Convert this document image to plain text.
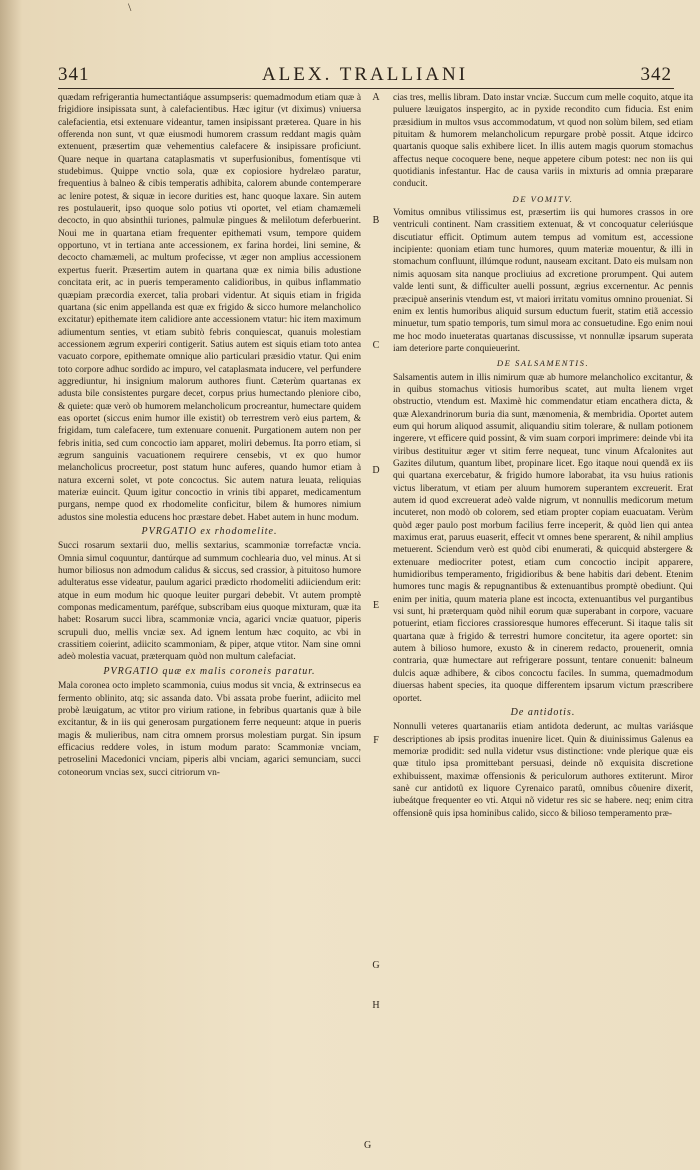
\
341	ALEX. TRALLIANI	342

quædam refrigerantia humectantiáque assumpseris: quemadmodum etiam quæ à frigidiore insipissata sunt, à calefacientibus. Hæc igitur (vt diximus) vniuersa calefacientia, etsi extenuare videantur, tamen insipissant præterea. Quare in his offerenda non sunt, vt quæ eiusmodi humorem crassum reddant magis quàm extenuent, præsertim quæ vehementius calefacere & insipissare proficiunt. Quare neque in quartana cataplasmatis vt superfusionibus, fomentísque vti studebimus. Quippe vnctio sola, quæ ex copiosiore hydrelæo paratur, frequentius à balneo & cibis temperatis adhibita, calorem abunde contemperare ac lenire potest, & siquæ in iecore durities est, hanc quoque laxare. Sin autem res postulauerit, ipso quoque solo potius vti oportet, vel etiam chamæmeli decocto, in quo absinthii turiones, palmulæ pingues & melilotum deferbuerint. Noui me in quartana etiam frequenter epithemati vsum, tempore quidem opportuno, vt in tertiana ante accessionem, ex farina hordei, lini semine, & decocto chamæmeli, ac multum profecisse, vt æger non amplius accessionem expertus fuerit. Præsertim autem in quartana quæ ex nimia bilis adustione concitata erit, ac in pueris temperamento calidioribus, in quibus inflammatio quæpiam præcordia exercet, talia probari videntur. At siquis etiam in frigida quartana (sic enim appellanda est quæ ex frigido & sicco humore melancholico excitatur) epithemate item calidiore ante accessionem vtatur: hic item maximum adiumentum senties, vt etiam subitò febris conquiescat, quanuis molestiam accessionem ægrum experiri contigerit. Satius autem est siquis etiam toto antea vacuato corpore, epithemate omnique alio particulari præsidio vtatur. Qui enim toto corpore adhuc sordido ac impuro, vel cataplasmata inducere, vel perfundere aggrediuntur, hi insignium malorum authores fiunt. Cæterùm quartanas ex adusta bile consistentes purgare decet, corpus prius humectando pleniore cibo, & quiete: quæ verò ob humorem melancholicum procreantur, humectare quidem eas oportet (siccus enim humor ille existit) ob terrestrem verò eius partem, & frigidam, tum calefacere, tum extenuare conuenit. Purgationem autem non per febris initia, sed cum concoctio iam apparet, moliri debemus. Ita porro etiam, si ægrum sanguinis vacuationem requirere censebis, vt ex quo humor melancholicus procreetur, post statum hunc auferes, quando humor etiam à natura excerni solet, vt pote concoctus. Sic autem natura leuata, reliquias materiæ euincit. Quum igitur concoctio in vrinis tibi apparet, medicamentum purgans, nempe quod ex rhodomelite conficitur, bilem & humores nimium adustos sine molestia educens hoc præstare debet. Habet autem in hunc modum.

PVRGATIO ex rhodomelite.

Succi rosarum sextarii duo, mellis sextarius, scammoniæ torrefactæ vncia. Omnia simul coquuntur, dantúrque ad summum cochlearia duo, vel minus. At si humor biliosus non admodum calidus & siccus, sed crassior, à pituitoso humore adulteratus esse videatur, paulum agarici prædicto rhodomeliti adiiciendum erit: atque in eum modum hic quoque leuiter purgari debebit. Vt autem promptè componas medicamentum, paréfque, subscribam eius quoque mixturam, quæ ita habet: Rosarum succi libra, scammoniæ vncia, agarici vnciæ quatuor, piperis scrupuli duo, mellis vnciæ sex. Ad ignem lentum hæc coquito, ac vbi in crassitiem coierint, adiicito scammoniam, & piper, atque vtitor. Nam sine omni adeò molestia vacuat, præterquam quòd non multum calefaciat.

PVRGATIO quæ ex malis coroneis paratur.

Mala coronea octo impleto scammonia, cuius modus sit vncia, & extrinsecus ea fermento oblinito, atq; sic assanda dato. Vbi assata probe fuerint, adiicito mel probè læuigatum, ac vtitor pro virium ratione, in febribus quartanis quæ à bile excitantur, & in iis qui generosam purgationem ferre nequeunt: atque in pueris magis & mulieribus, nam citra omnem prorsus molestiam purgat. Sin ipsum efficacius reddere voles, in istum modum parato: Scammoniæ vnciam, petroselini Macedonici vnciam, piperis albi vnciam, agarici semunciam, succi cotoneorum vncias sex, succi citriorum vn-

A
B
C
D
E
F
G
H

cias tres, mellis libram. Dato instar vnciæ. Succum cum melle coquito, atque ita puluere læuigatos inspergito, ac in pyxide recondito cum fiducia. Est enim præsidium in multos vsus accommodatum, vt quod non solùm bilem, sed etiam pituitam & humorem melancholicum repurgare probè possit. Atque idcirco quartanis quoque salis exhibere licet. In illis autem magis quorum stomachus affectus neque cocoquere bene, neque appetere cibum potest: nec non iis qui quotidianis infestantur. Hac de causa variis in mixturis ad omnia præparare conducit.

DE VOMITV.

Vomitus omnibus vtilissimus est, præsertim iis qui humores crassos in ore ventriculi continent. Nam crassitiem extenuat, & vt concoquatur celeriúsque discutiatur efficit. Optimum autem tempus ad vomitum est, accessione incipiente: quoniam etiam tunc humores, quum materiæ mouentur, & illi in stomachum confluunt, illúmque rodunt, nauseam excitant. Dato eis mulsam non nimis aquosam sita nanque procliuius ad excretione prorumpent. Qui autem valde lenti sunt, & difficulter auelli possunt, ægrius excernentur. Ac pennis præcipuè anserinis vtendum est, vt maiori irritatu vomitus omnino proueniat. Si enim ex lentis humoribus aliquid sursum eductum fuerit, statim etiã accessio minuetur, tum spatio temporis, tum simul mora ac consuetudine. Ego enim noui me hoc modo inueteratas quartanas discussisse, vt nonnullæ ipsarum superata iam deteriore parte conquieuerint.

DE SALSAMENTIS.

Salsamentis autem in illis nimirum quæ ab humore melancholico excitantur, & in quibus stomachus vitiosis humoribus scatet, aut multa lienem vrget obstructio, vtendum est. Maximè hic commendatur etiam encathera dicta, & quæ Alexandrinorum buria dia sunt, mænomenia, & membridia. Oportet autem eum qui horum aliquod assumit, aliquandiu sitim tolerare, & nullam potionem ingerere, vt efficere quid possint, & vim suam corpori imprimere: deinde vbi ita viribus destituitur æger vt sitim ferre nequeat, tunc vinum Afcalonites aut Gazites dilutum, quantum libet, propinare licet. Ego itaque noui quendã ex iis qui quartana exercebatur, & frigido humore laborabat, ita vsu huius rationis victus liberatum, vt etiam per aluum humorem superantem excreuerit. Erat autem id quod excreuerat adeò valde nigrum, vt nonnullis medicorum metum incuteret, non modò ob colorem, sed etiam propter copiam euacuatam. Verùm quòd æger paulo post morbum facilius ferre inceperit, & quòd lien qui antea maximus erat, paruus euaserit, effecit vt omnes bene sperarent, & nihil amplius metuerent. Sciendum verò est quòd cibi enumerati, & quicquid abstergere & extenuare mediocriter potest, etiam cum concoctio incipit apparere, humidioribus temperamento, frigidioribus & bene habitis dari debent. Etenim humores tunc magis & repugnantibus & extenuantibus promptè obediunt. Qui enim per initia, quum materia plane est incocta, extenuantibus vel purgantibus vsi sunt, hi præterquam quòd nihil eorum quæ superabant in corpore, vacuare potuerint, etiam ficciores crassioresque humores effecerunt. Si itaque talis sit quartana quæ à frigido & terrestri humore concitetur, ita agere oportet: sin autem à bilioso humore, exusto & in cinerem redacto, prouenerit, omnia contraria, quæ humectare aut refrigerare possunt, tentare conuenit: balneum dulcis aquæ adhibere, & cibos concoctu faciles. In summa, quemadmodum diuersas habent species, ita quoque differentem ipsarum victum præscribere oportet.

De antidotis.

Nonnulli veteres quartanariis etiam antidota dederunt, ac multas variásque descriptiones ab ipsis proditas inuenire licet. Quin & diuinissimus Galenus ea memoriæ prodidit: sed nulla videtur vsus distinctione: vnde plerique quæ eis quæ titulo ipsa promittebant persuasi, deinde nõ exquisita discretione exhibuissent, maximæ offensionis & periculorum authores extiterunt. Miror sanè cur antidotû ex liquore Cyrenaico paratû, omnibus côuenire dixerit, iubeátque frequenter eo vti. Atqui nõ videtur res sic se habere. neq; enim citra offensionê quis ipsa hominibus calido, sicco & bilioso temperamento præ-

G
